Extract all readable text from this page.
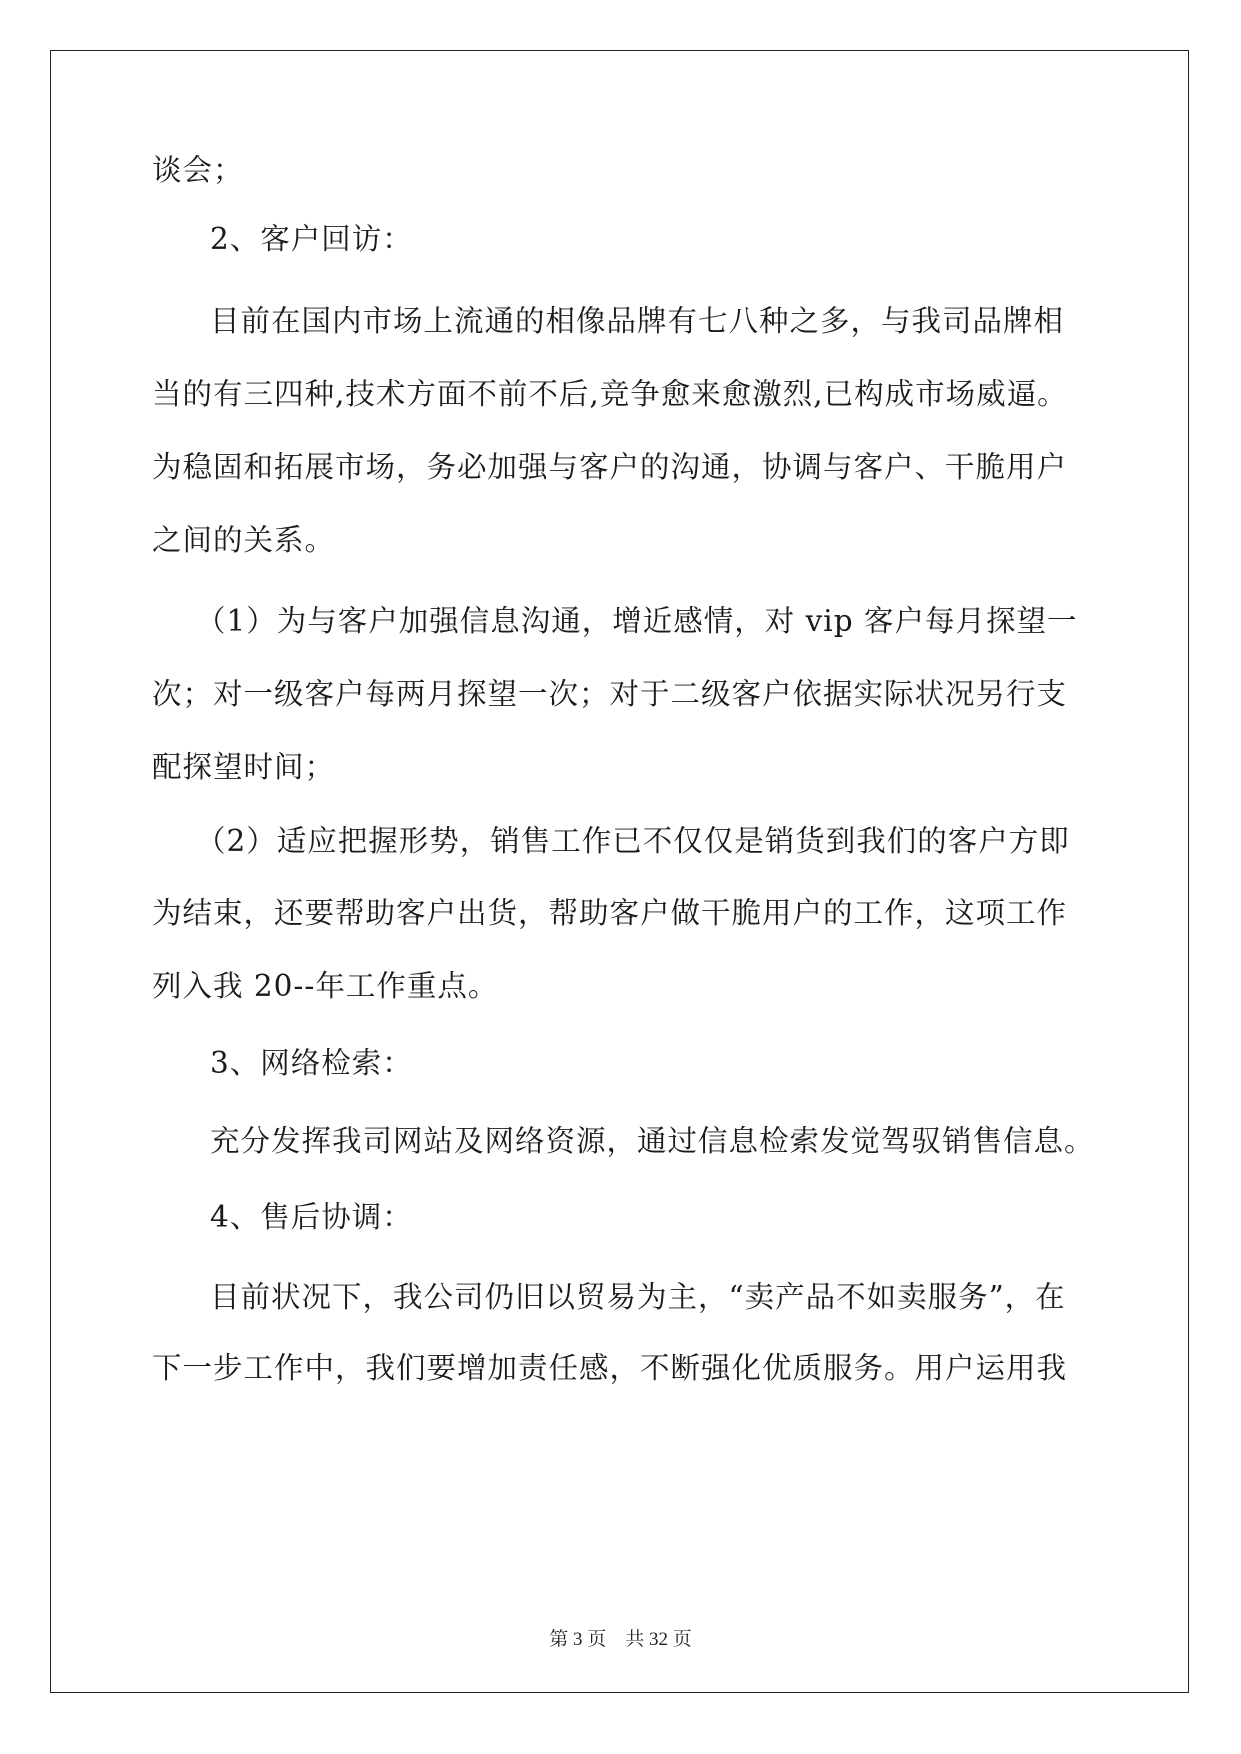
谈会；
2、客户回访：
目前在国内市场上流通的相像品牌有七八种之多，与我司品牌相
当的有三四种,技术方面不前不后,竞争愈来愈激烈,已构成市场威逼。
为稳固和拓展市场，务必加强与客户的沟通，协调与客户、干脆用户
之间的关系。
（1）为与客户加强信息沟通，增近感情，对 vip 客户每月探望一
次；对一级客户每两月探望一次；对于二级客户依据实际状况另行支
配探望时间；
（2）适应把握形势，销售工作已不仅仅是销货到我们的客户方即
为结束，还要帮助客户出货，帮助客户做干脆用户的工作，这项工作
列入我 20--年工作重点。
3、网络检索：
充分发挥我司网站及网络资源，通过信息检索发觉驾驭销售信息。
4、售后协调：
目前状况下，我公司仍旧以贸易为主，“卖产品不如卖服务”，在
下一步工作中，我们要增加责任感，不断强化优质服务。用户运用我
第 3 页　共 32 页
